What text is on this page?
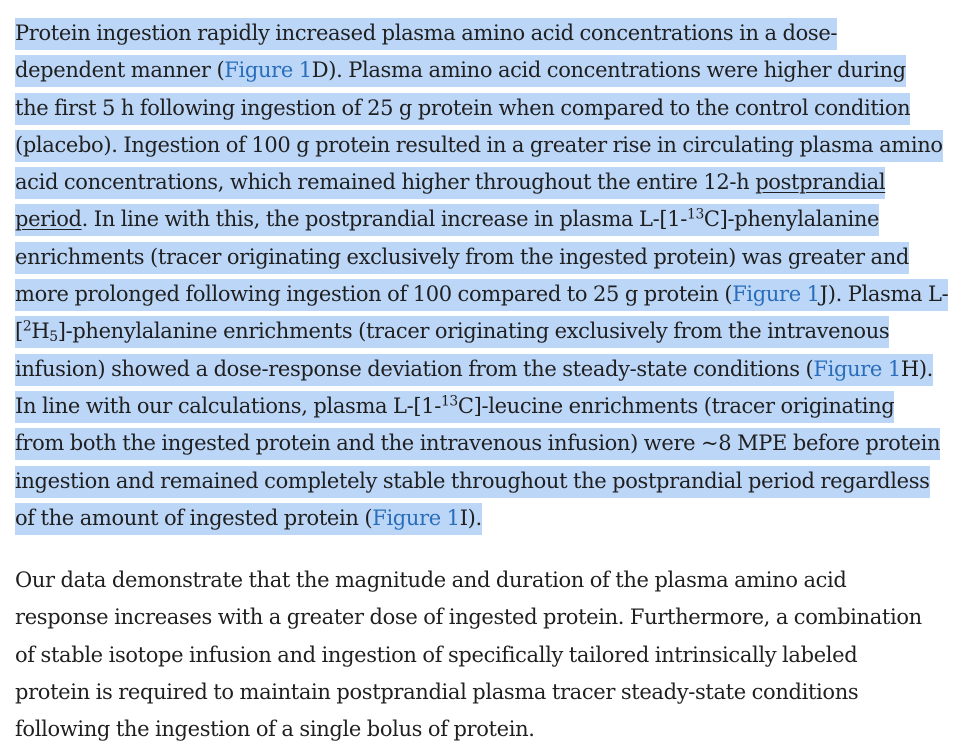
Protein ingestion rapidly increased plasma amino acid concentrations in a dose-
dependent manner (Figure 1D). Plasma amino acid concentrations were higher during
the first 5 h following ingestion of 25 g protein when compared to the control condition
(placebo). Ingestion of 100 g protein resulted in a greater rise in circulating plasma amino
acid concentrations, which remained higher throughout the entire 12-h postprandial
period. In line with this, the postprandial increase in plasma L-[1-$^{13}$C]-phenylalanine
enrichments (tracer originating exclusively from the ingested protein) was greater and
more prolonged following ingestion of 100 compared to 25 g protein (Figure 1J). Plasma L-
$[^2H_5]$-phenylalanine enrichments (tracer originating exclusively from the intravenous
infusion) showed a dose-response deviation from the steady-state conditions (Figure 1H).
In line with our calculations, plasma L-[1-$^{13}$C]-leucine enrichments (tracer originating
from both the ingested protein and the intravenous infusion) were ~8 MPE before protein
ingestion and remained completely stable throughout the postprandial period regardless
of the amount of ingested protein (Figure 1I).
Our data demonstrate that the magnitude and duration of the plasma amino acid
response increases with a greater dose of ingested protein. Furthermore, a combination
of stable isotope infusion and ingestion of specifically tailored intrinsically labeled
protein is required to maintain postprandial plasma tracer steady-state conditions
following the ingestion of a single bolus of protein.
